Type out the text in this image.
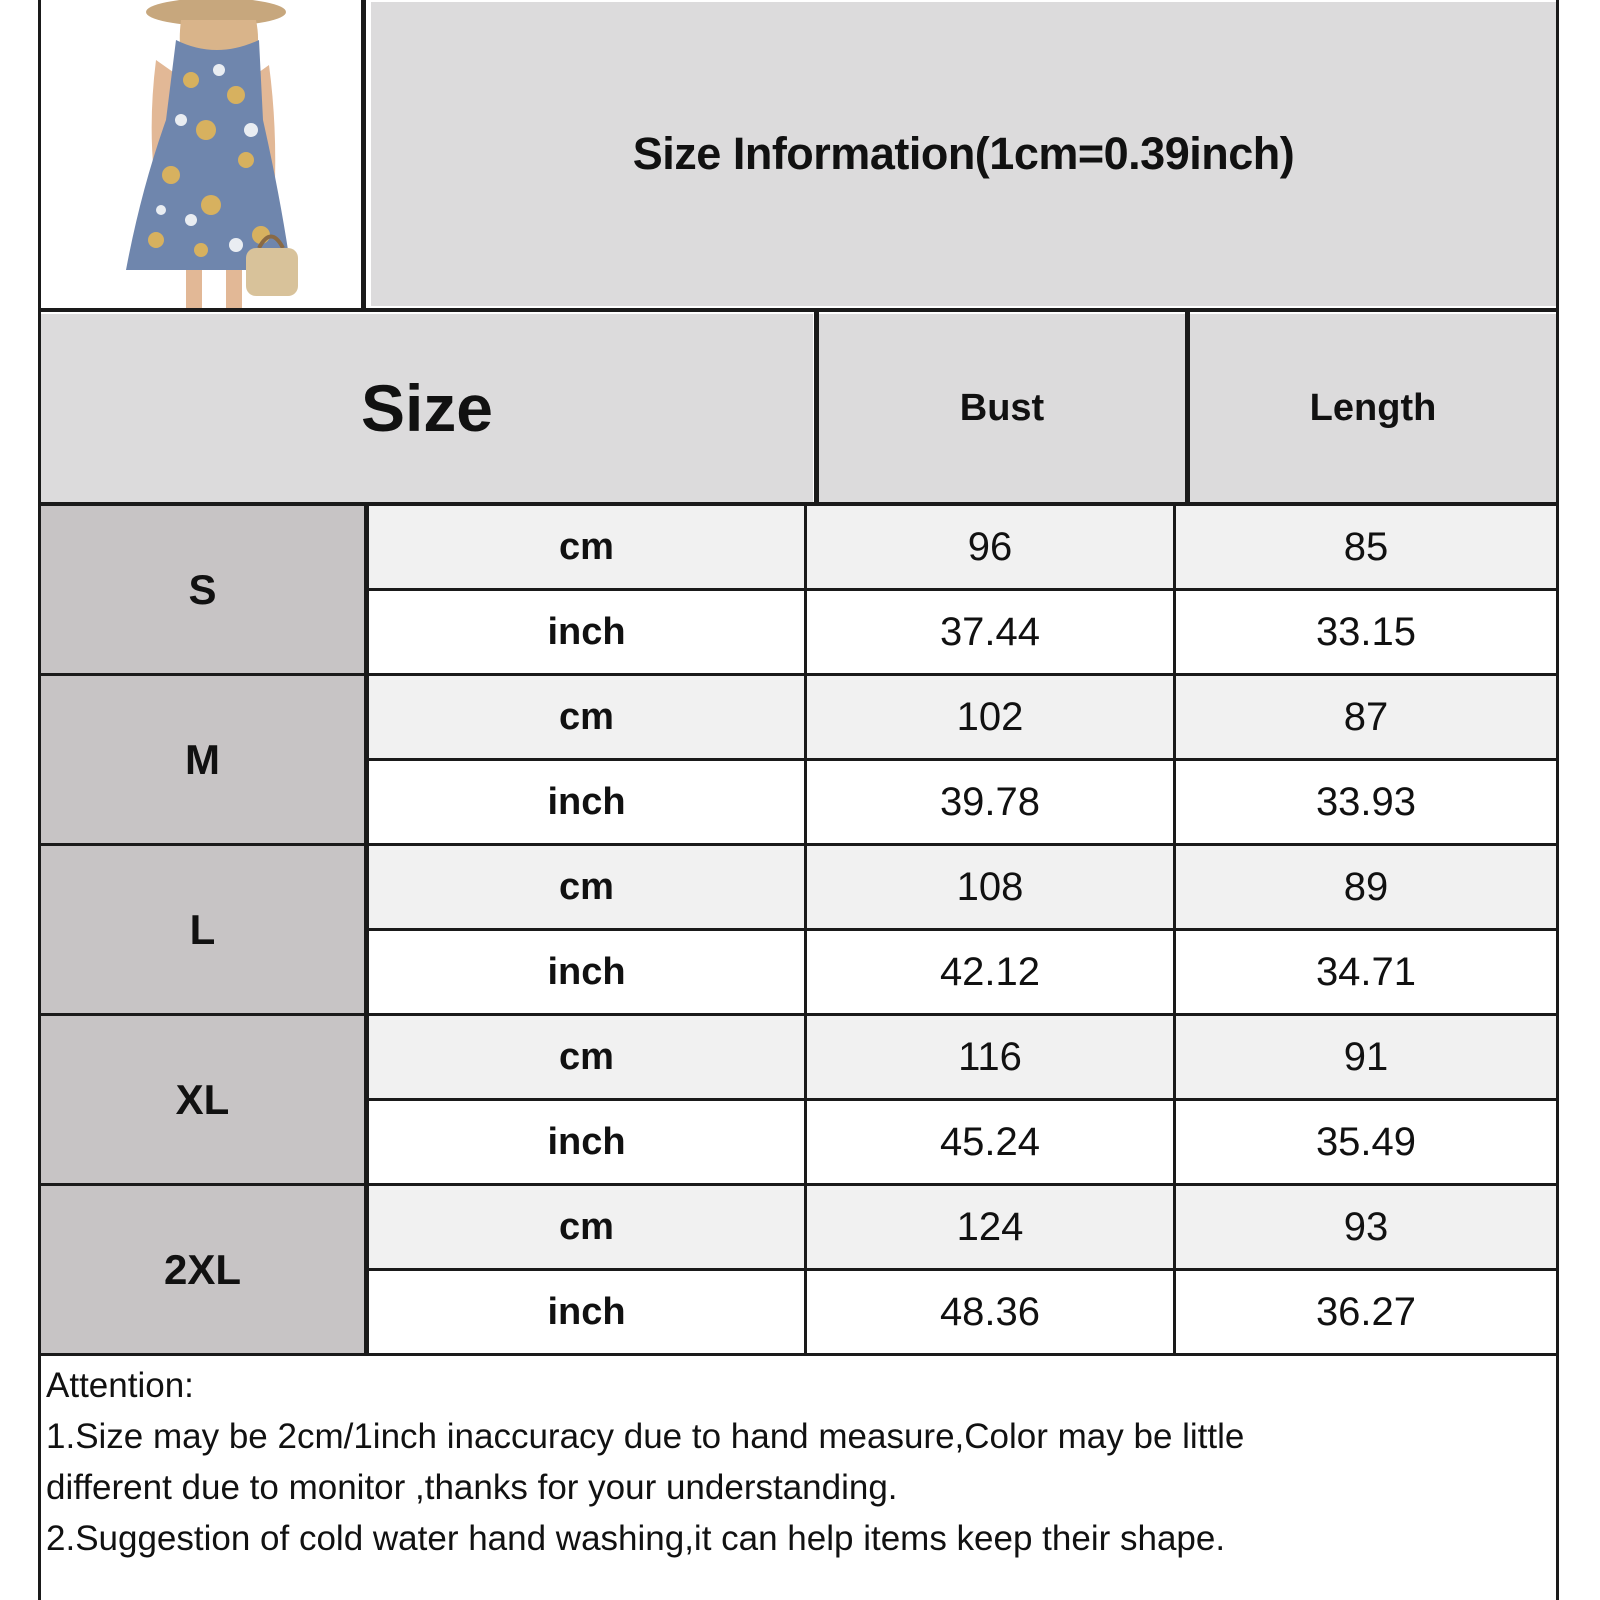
Size Information(1cm=0.39inch)
Size	Bust	Length
S
cm	96	85
inch	37.44	33.15
M
cm	102	87
inch	39.78	33.93
L
cm	108	89
inch	42.12	34.71
XL
cm	116	91
inch	45.24	35.49
2XL
cm	124	93
inch	48.36	36.27
Attention:
1.Size may be 2cm/1inch inaccuracy due to hand measure,Color may be little
different due to monitor ,thanks for your understanding.
2.Suggestion of cold water hand washing,it can help items keep their shape.
